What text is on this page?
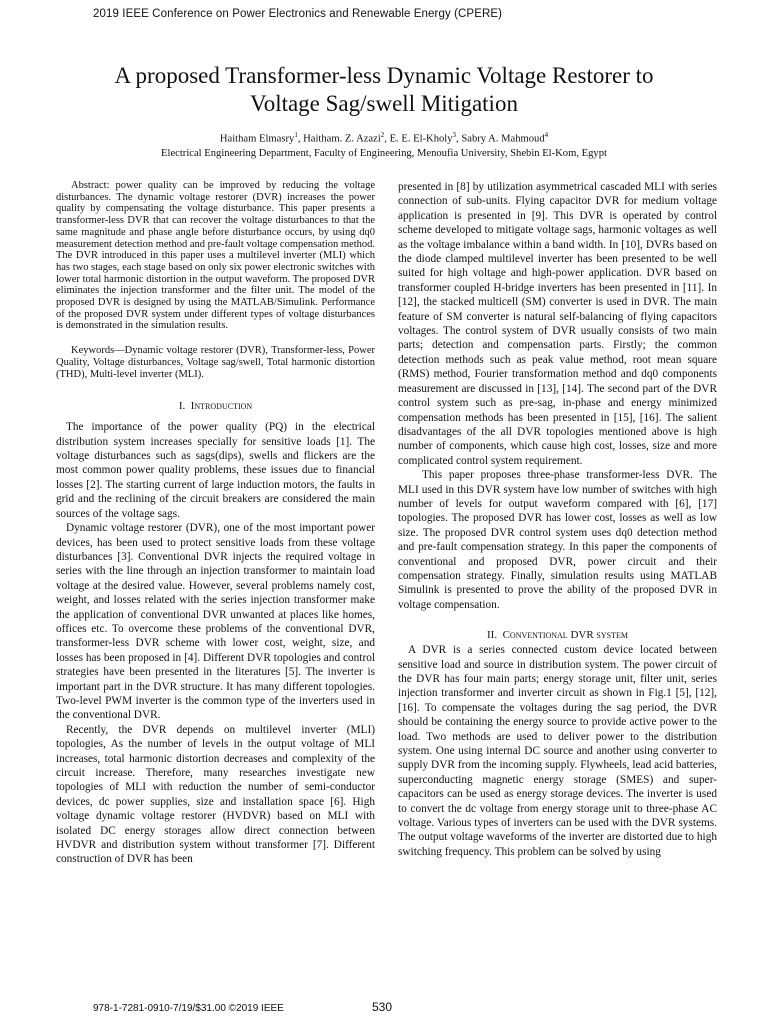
2019 IEEE Conference on Power Electronics and Renewable Energy (CPERE)
A proposed Transformer-less Dynamic Voltage Restorer to
Voltage Sag/swell Mitigation
Haitham Elmasry$^1$, Haitham. Z. Azazi$^2$, E. E. El-Kholy$^3$, Sabry A. Mahmoud$^4$
Electrical Engineering Department, Faculty of Engineering, Menoufia University, Shebin El-Kom, Egypt

Abstract: power quality can be improved by reducing the voltage disturbances. The dynamic voltage restorer (DVR) increases the power quality by compensating the voltage disturbance. This paper presents a transformer-less DVR that can recover the voltage disturbances to that the same magnitude and phase angle before disturbance occurs, by using dq0 measurement detection method and pre-fault voltage compensation method. The DVR introduced in this paper uses a multilevel inverter (MLI) which has two stages, each stage based on only six power electronic switches with lower total harmonic distortion in the output waveform. The proposed DVR eliminates the injection transformer and the filter unit. The model of the proposed DVR is designed by using the MATLAB/Simulink. Performance of the proposed DVR system under different types of voltage disturbances is demonstrated in the simulation results.

Keywords—Dynamic voltage restorer (DVR), Transformer-less, Power Quality, Voltage disturbances, Voltage sag/swell, Total harmonic distortion (THD), Multi-level inverter (MLI).

I. Introduction

The importance of the power quality (PQ) in the electrical distribution system increases specially for sensitive loads [1]. The voltage disturbances such as sags(dips), swells and flickers are the most common power quality problems, these issues due to financial losses [2]. The starting current of large induction motors, the faults in grid and the reclining of the circuit breakers are considered the main sources of the voltage sags.

Dynamic voltage restorer (DVR), one of the most important power devices, has been used to protect sensitive loads from these voltage disturbances [3]. Conventional DVR injects the required voltage in series with the line through an injection transformer to maintain load voltage at the desired value. However, several problems namely cost, weight, and losses related with the series injection transformer make the application of conventional DVR unwanted at places like homes, offices etc. To overcome these problems of the conventional DVR, transformer-less DVR scheme with lower cost, weight, size, and losses has been proposed in [4]. Different DVR topologies and control strategies have been presented in the literatures [5]. The inverter is important part in the DVR structure. It has many different topologies. Two-level PWM inverter is the common type of the inverters used in the conventional DVR.

Recently, the DVR depends on multilevel inverter (MLI) topologies, As the number of levels in the output voltage of MLI increases, total harmonic distortion decreases and complexity of the circuit increase. Therefore, many researches investigate new topologies of MLI with reduction the number of semi-conductor devices, dc power supplies, size and installation space [6]. High voltage dynamic voltage restorer (HVDVR) based on MLI with isolated DC energy storages allow direct connection between HVDVR and distribution system without transformer [7]. Different construction of DVR has been

presented in [8] by utilization asymmetrical cascaded MLI with series connection of sub-units. Flying capacitor DVR for medium voltage application is presented in [9]. This DVR is operated by control scheme developed to mitigate voltage sags, harmonic voltages as well as the voltage imbalance within a band width. In [10], DVRs based on the diode clamped multilevel inverter has been presented to be well suited for high voltage and high-power application. DVR based on transformer coupled H-bridge inverters has been presented in [11]. In [12], the stacked multicell (SM) converter is used in DVR. The main feature of SM converter is natural self-balancing of flying capacitors voltages. The control system of DVR usually consists of two main parts; detection and compensation parts. Firstly; the common detection methods such as peak value method, root mean square (RMS) method, Fourier transformation method and dq0 components measurement are discussed in [13], [14]. The second part of the DVR control system such as pre-sag, in-phase and energy minimized compensation methods has been presented in [15], [16]. The salient disadvantages of the all DVR topologies mentioned above is high number of components, which cause high cost, losses, size and more complicated control system requirement.

This paper proposes three-phase transformer-less DVR. The MLI used in this DVR system have low number of switches with high number of levels for output waveform compared with [6], [17] topologies. The proposed DVR has lower cost, losses as well as low size. The proposed DVR control system uses dq0 detection method and pre-fault compensation strategy. In this paper the components of conventional and proposed DVR, power circuit and their compensation strategy. Finally, simulation results using MATLAB Simulink is presented to prove the ability of the proposed DVR in voltage compensation.

II. Conventional DVR system

A DVR is a series connected custom device located between sensitive load and source in distribution system. The power circuit of the DVR has four main parts; energy storage unit, filter unit, series injection transformer and inverter circuit as shown in Fig.1 [5], [12], [16]. To compensate the voltages during the sag period, the DVR should be containing the energy source to provide active power to the load. Two methods are used to deliver power to the distribution system. One using internal DC source and another using converter to supply DVR from the incoming supply. Flywheels, lead acid batteries, superconducting magnetic energy storage (SMES) and super-capacitors can be used as energy storage devices. The inverter is used to convert the dc voltage from energy storage unit to three-phase AC voltage. Various types of inverters can be used with the DVR systems. The output voltage waveforms of the inverter are distorted due to high switching frequency. This problem can be solved by using

978-1-7281-0910-7/19/$31.00 ©2019 IEEE	530
